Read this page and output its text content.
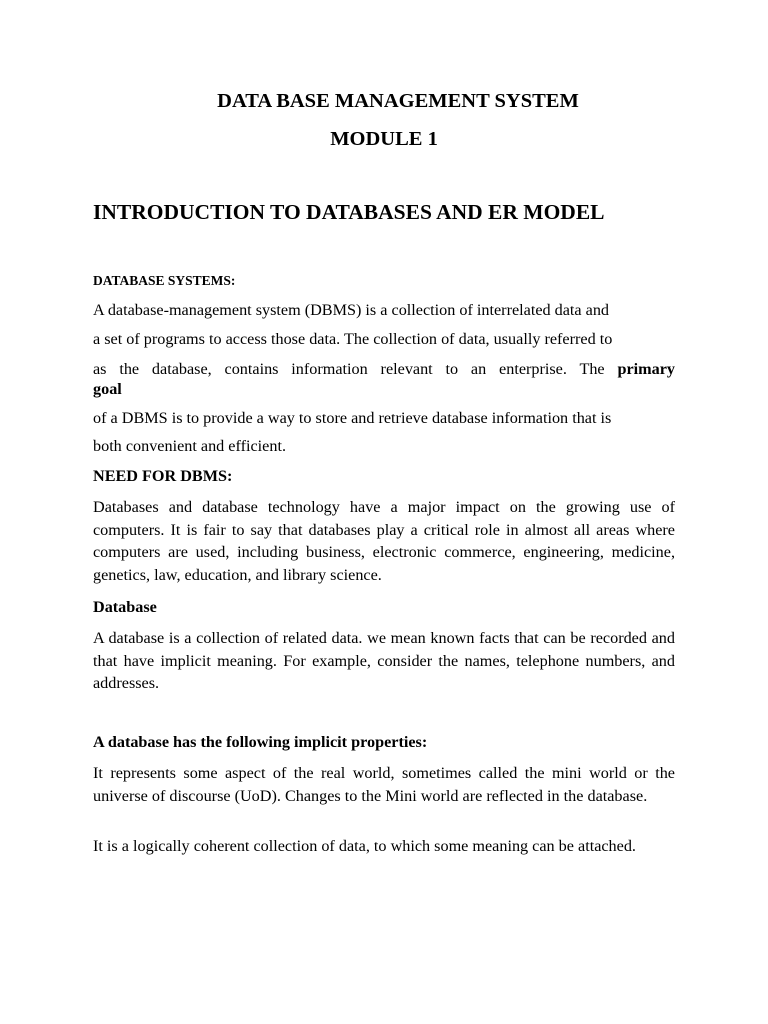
DATA BASE MANAGEMENT SYSTEM
MODULE 1
INTRODUCTION TO DATABASES AND ER MODEL
DATABASE SYSTEMS:
A database-management system (DBMS) is a collection of interrelated data and
a set of programs to access those data. The collection of data, usually referred to
as the database, contains information relevant to an enterprise. The primary
goal
of a DBMS is to provide a way to store and retrieve database information that is
both convenient and efficient.
NEED FOR DBMS:
Databases and database technology have a major impact on the growing use of computers. It is fair to say that databases play a critical role in almost all areas where computers are used, including business, electronic commerce, engineering, medicine, genetics, law, education, and library science.
Database
A database is a collection of related data. we mean known facts that can be recorded and that have implicit meaning. For example, consider the names, telephone numbers, and addresses.
A database has the following implicit properties:
It represents some aspect of the real world, sometimes called the mini world or the universe of discourse (UoD). Changes to the Mini world are reflected in the database.
It is a logically coherent collection of data, to which some meaning can be attached.
